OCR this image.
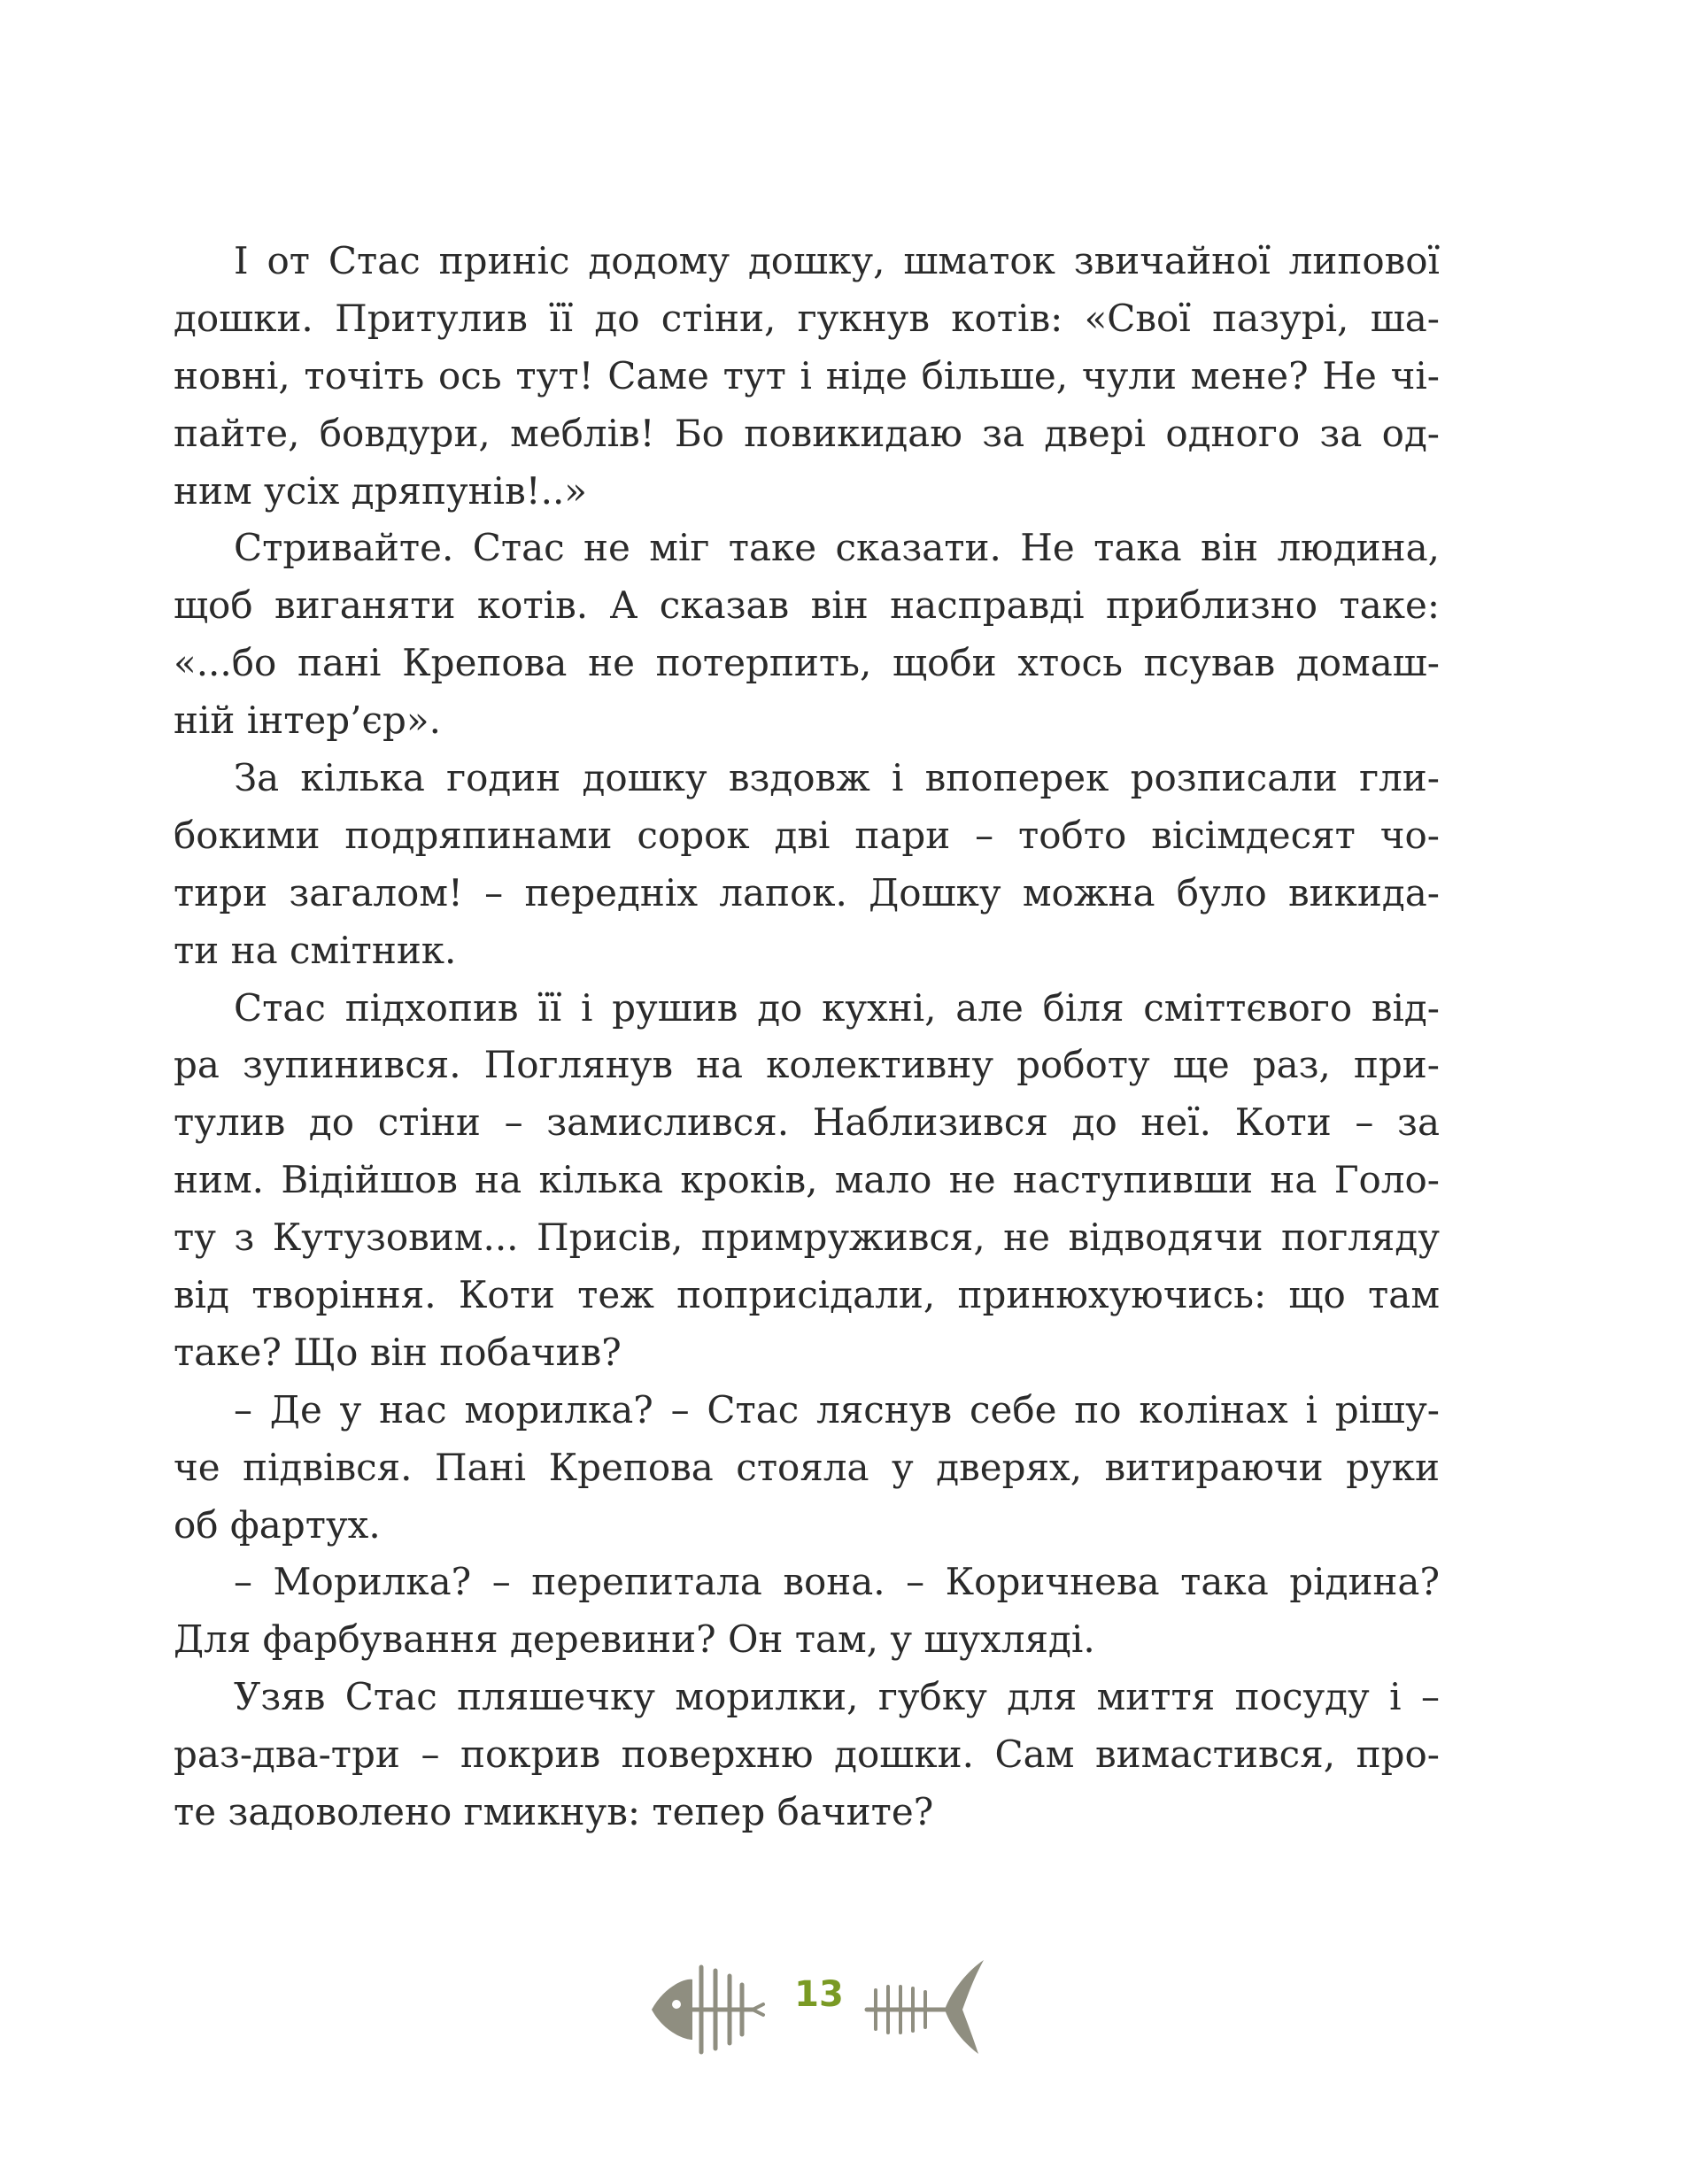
І от Стас приніс додому дошку, шматок звичайної липової
дошки. Притулив її до стіни, гукнув котів: «Свої пазурі, ша-
новні, точіть ось тут! Саме тут і ніде більше, чули мене? Не чі-
пайте, бовдури, меблів! Бо повикидаю за двері одного за од-
ним усіх дряпунів!..»
Стривайте. Стас не міг таке сказати. Не така він людина,
щоб виганяти котів. А сказав він насправді приблизно таке:
«...бо пані Крепова не потерпить, щоби хтось псував домаш-
ній інтер’єр».
За кілька годин дошку вздовж і впоперек розписали гли-
бокими подряпинами сорок дві пари – тобто вісімдесят чо-
тири загалом! – передніх лапок. Дошку можна було викида-
ти на смітник.
Стас підхопив її і рушив до кухні, але біля сміттєвого від-
ра зупинився. Поглянув на колективну роботу ще раз, при-
тулив до стіни – замислився. Наблизився до неї. Коти – за
ним. Відійшов на кілька кроків, мало не наступивши на Голо-
ту з Кутузовим... Присів, примружився, не відводячи погляду
від творіння. Коти теж поприсідали, принюхуючись: що там
таке? Що він побачив?
– Де у нас морилка? – Стас ляснув себе по колінах і рішу-
че підвівся. Пані Крепова стояла у дверях, витираючи руки
об фартух.
– Морилка? – перепитала вона. – Коричнева така рідина?
Для фарбування деревини? Он там, у шухляді.
Узяв Стас пляшечку морилки, губку для миття посуду і –
раз-два-три – покрив поверхню дошки. Сам вимастився, про-
те задоволено гмикнув: тепер бачите?
13
